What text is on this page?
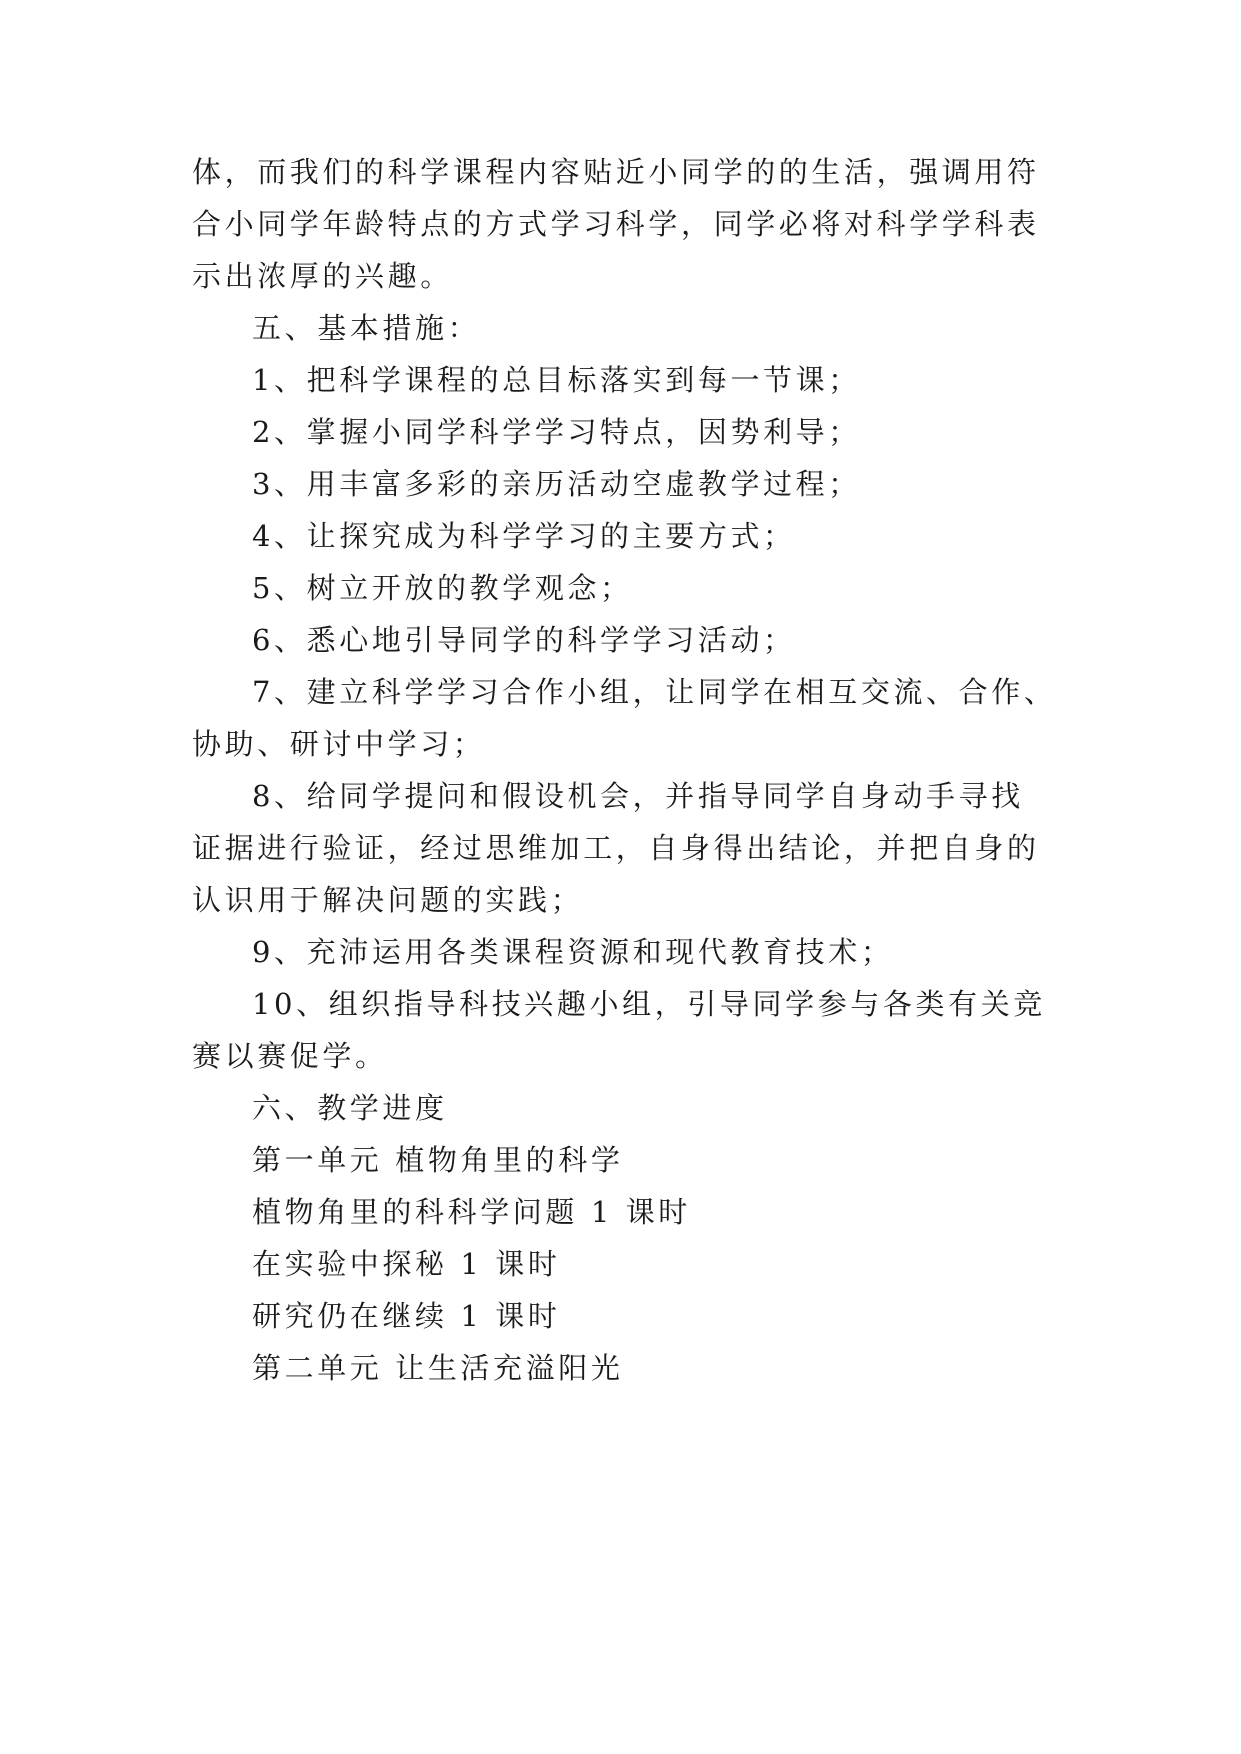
体，而我们的科学课程内容贴近小同学的的生活，强调用符
合小同学年龄特点的方式学习科学，同学必将对科学学科表
示出浓厚的兴趣。
五、基本措施：
1、把科学课程的总目标落实到每一节课；
2、掌握小同学科学学习特点，因势利导；
3、用丰富多彩的亲历活动空虚教学过程；
4、让探究成为科学学习的主要方式；
5、树立开放的教学观念；
6、悉心地引导同学的科学学习活动；
7、建立科学学习合作小组，让同学在相互交流、合作、
协助、研讨中学习；
8、给同学提问和假设机会，并指导同学自身动手寻找
证据进行验证，经过思维加工，自身得出结论，并把自身的
认识用于解决问题的实践；
9、充沛运用各类课程资源和现代教育技术；
10、组织指导科技兴趣小组，引导同学参与各类有关竞
赛以赛促学。
六、教学进度
第一单元 植物角里的科学
植物角里的科科学问题 1 课时
在实验中探秘 1 课时
研究仍在继续 1 课时
第二单元 让生活充溢阳光
